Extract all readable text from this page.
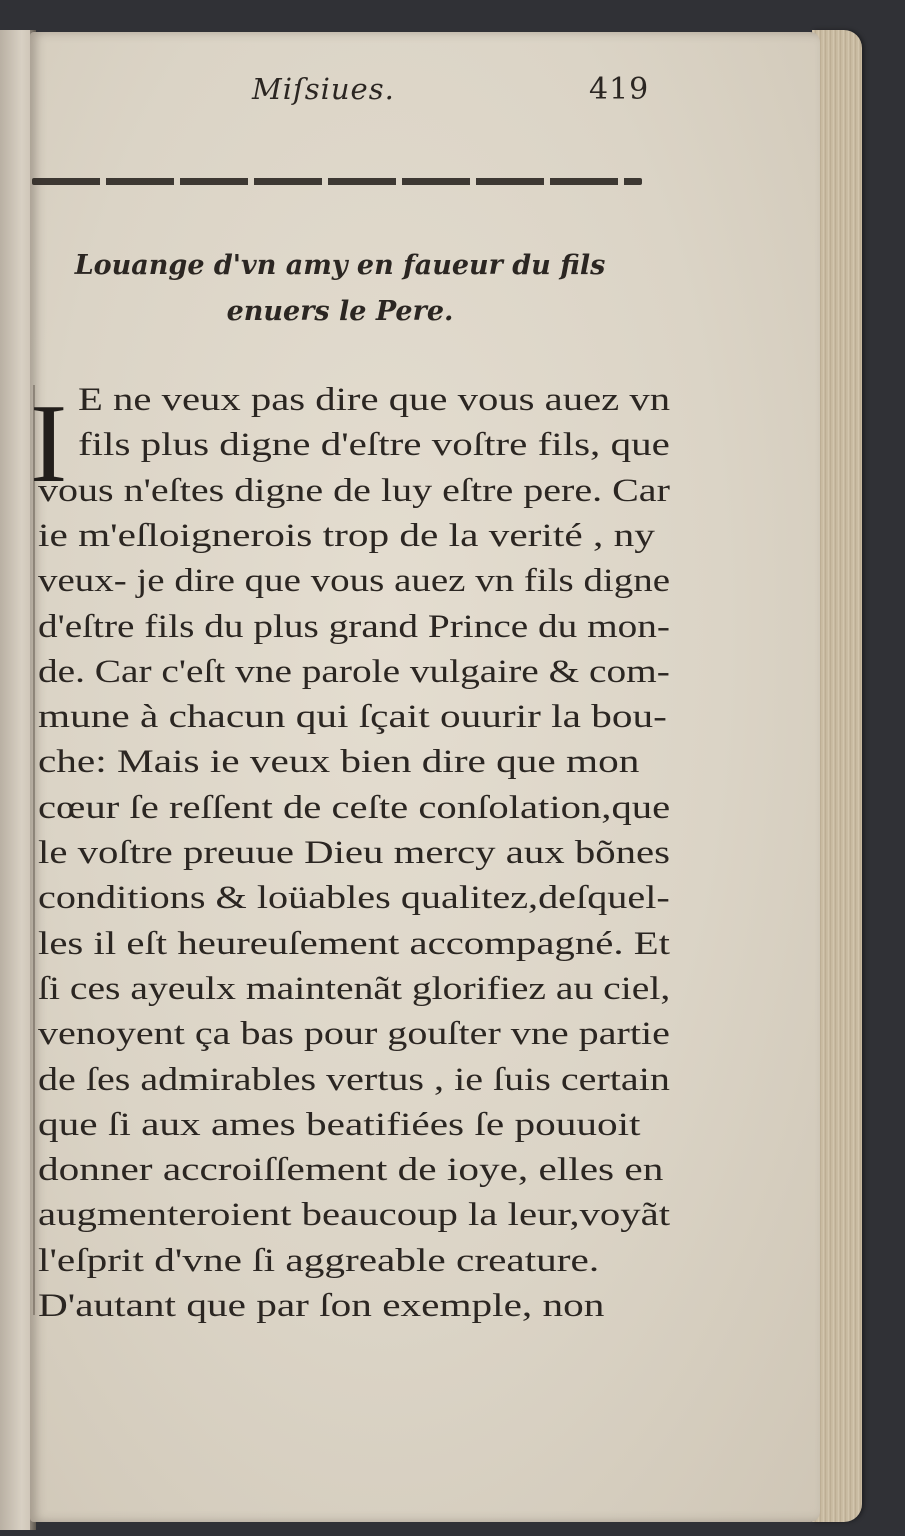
Miſsiues.	419
Louange d'vn amy en faueur du fils
enuers le Pere.
I E ne veux pas dire que vous auez vn
fils plus digne d'eſtre voſtre fils, que
vous n'eſtes digne de luy eſtre pere. Car
ie m'eſloignerois trop de la verité , ny
veux- je dire que vous auez vn fils digne
d'eſtre fils du plus grand Prince du mon-
de. Car c'eſt vne parole vulgaire & com-
mune à chacun qui ſçait ouurir la bou-
che: Mais ie veux bien dire que mon
cœur ſe reſſent de ceſte conſolation,que
le voſtre preuue Dieu mercy aux bõnes
conditions & loüables qualitez,deſquel-
les il eſt heureuſement accompagné. Et
ſi ces ayeulx maintenãt glorifiez au ciel,
venoyent ça bas pour gouſter vne partie
de ſes admirables vertus , ie ſuis certain
que ſi aux ames beatifiées ſe pouuoit
donner accroiſſement de ioye, elles en
augmenteroient beaucoup la leur,voyãt
l'eſprit d'vne ſi aggreable creature.
D'autant que par ſon exemple, non
